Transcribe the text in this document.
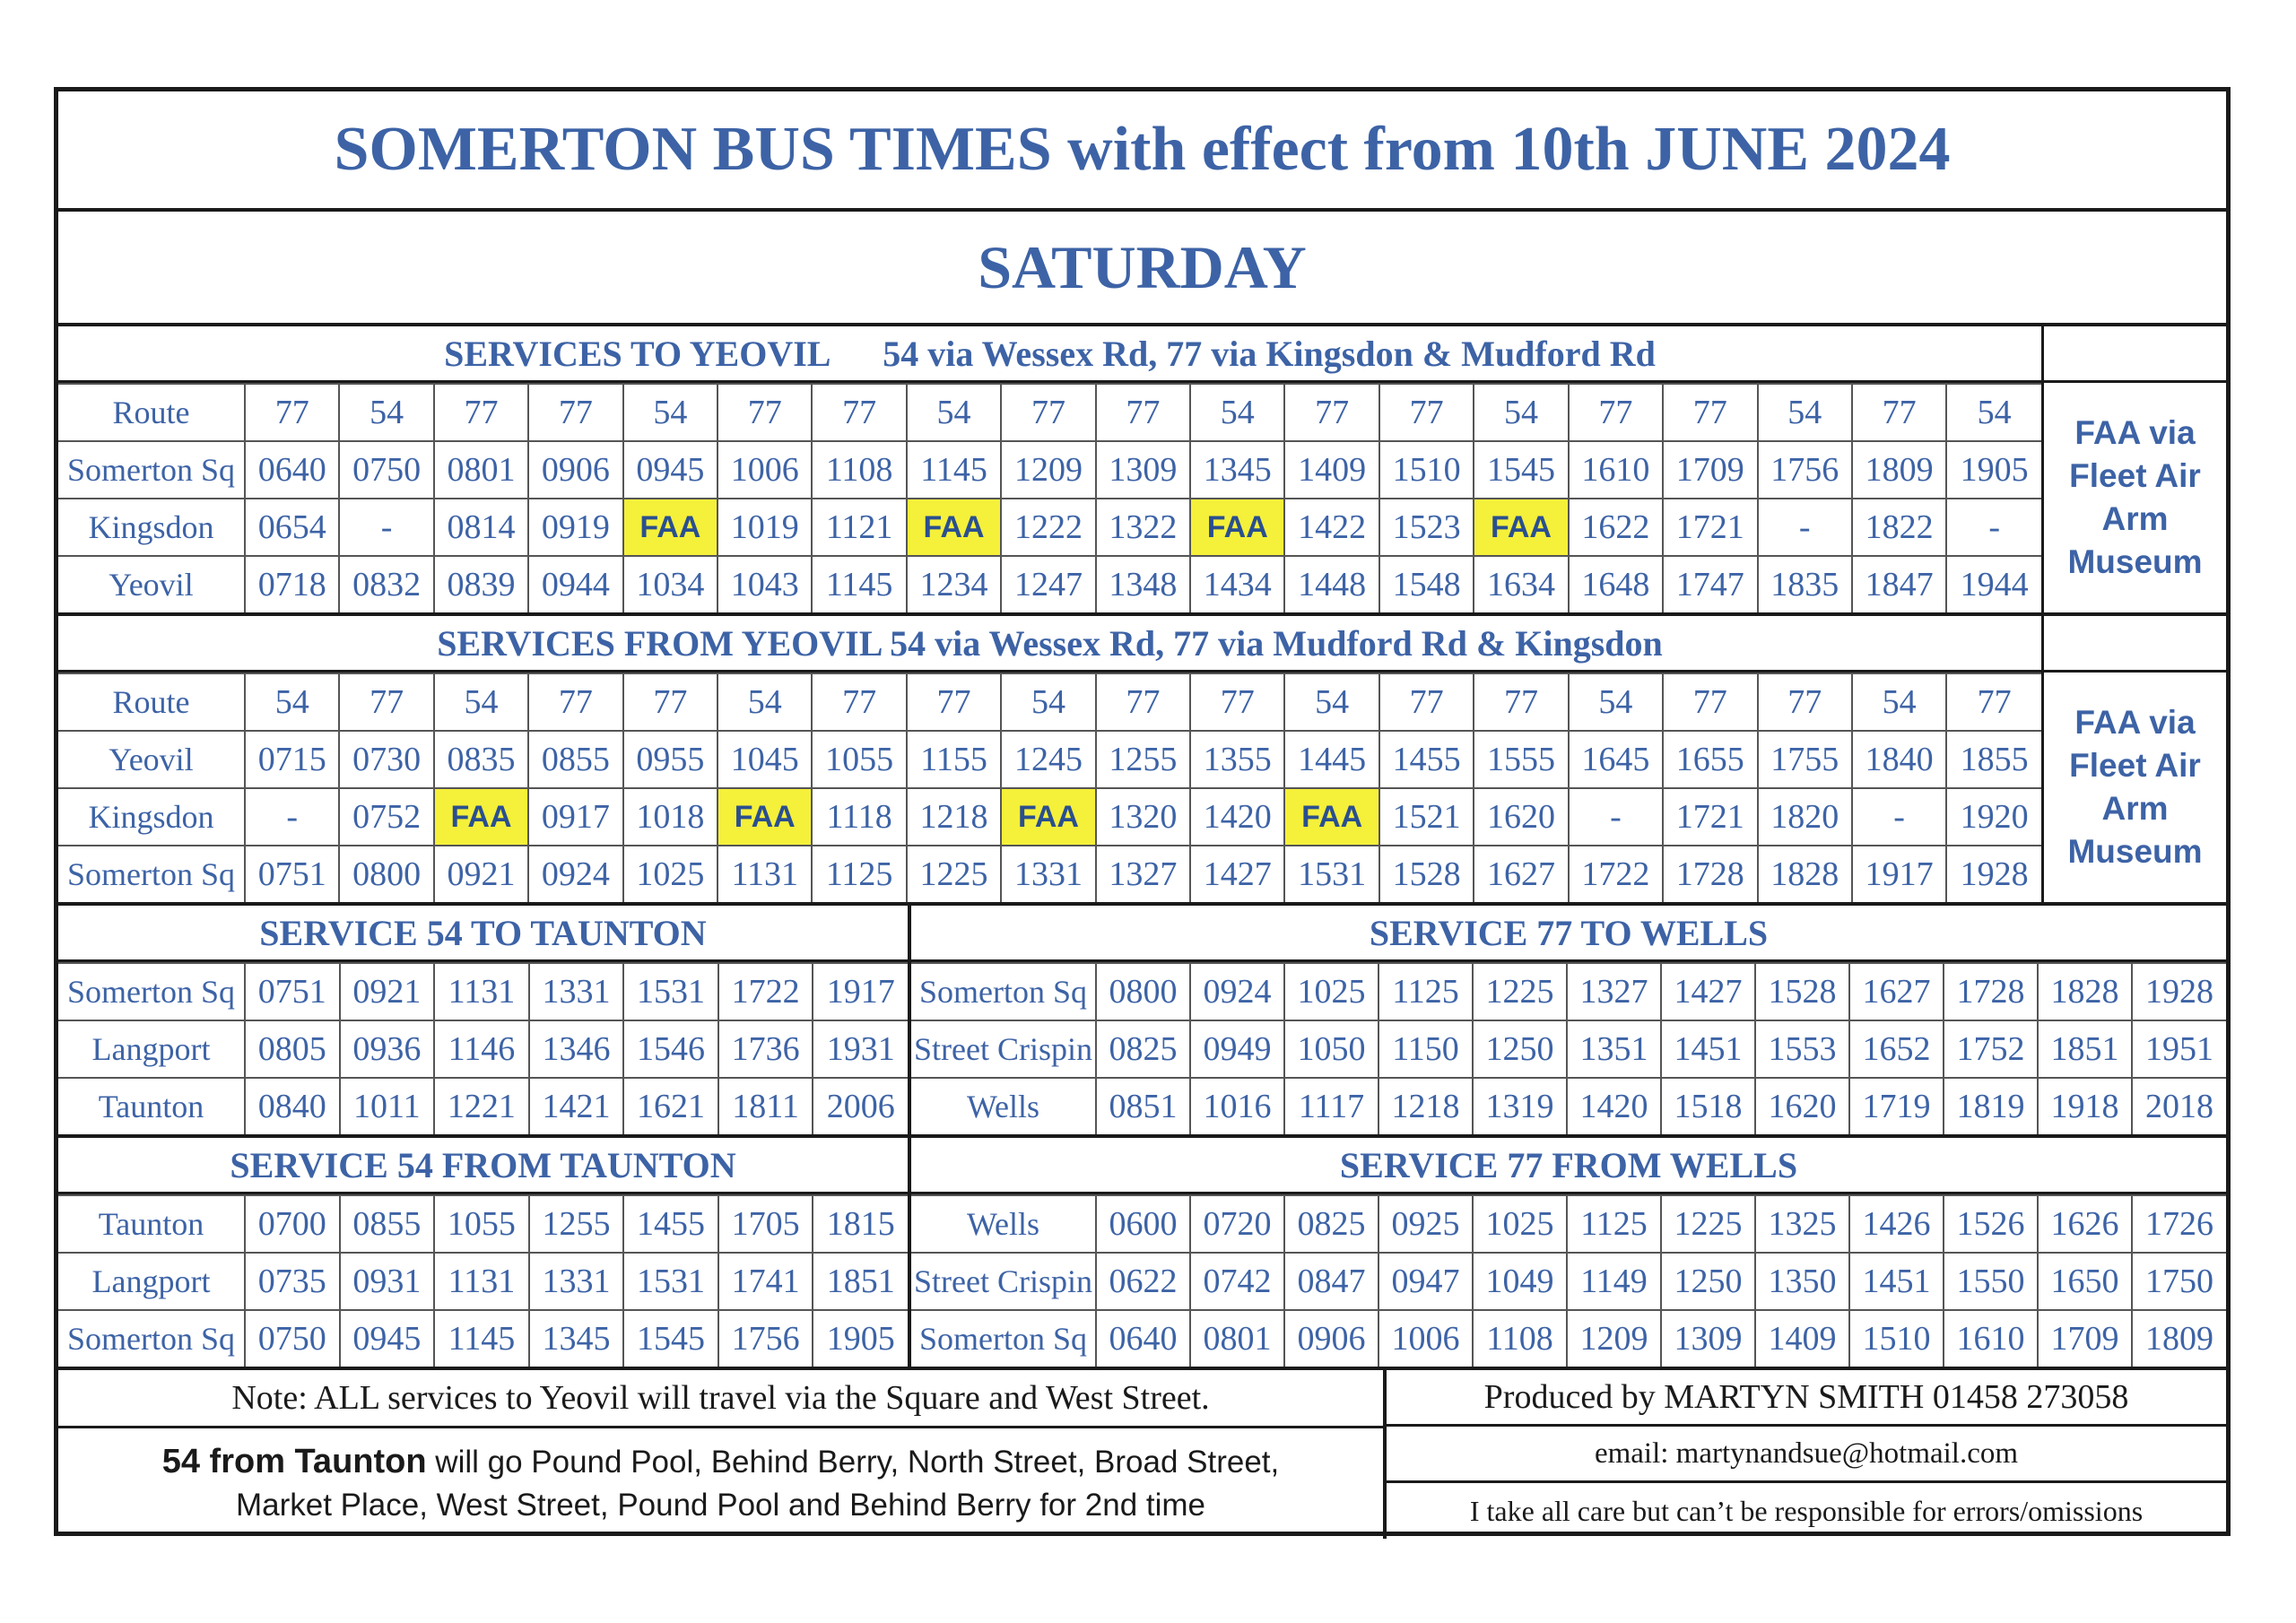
SOMERTON BUS TIMES with effect from 10th JUNE 2024
SATURDAY
SERVICES TO YEOVIL      54 via Wessex Rd, 77 via Kingsdon & Mudford Rd
Route	77	54	77	77	54	77	77	54	77	77	54	77	77	54	77	77	54	77	54
Somerton Sq	0640	0750	0801	0906	0945	1006	1108	1145	1209	1309	1345	1409	1510	1545	1610	1709	1756	1809	1905
Kingsdon	0654	-	0814	0919	FAA	1019	1121	FAA	1222	1322	FAA	1422	1523	FAA	1622	1721	-	1822	-
Yeovil	0718	0832	0839	0944	1034	1043	1145	1234	1247	1348	1434	1448	1548	1634	1648	1747	1835	1847	1944
FAA via
Fleet Air
Arm
Museum
SERVICES FROM YEOVIL 54 via Wessex Rd, 77 via Mudford Rd & Kingsdon
Route	54	77	54	77	77	54	77	77	54	77	77	54	77	77	54	77	77	54	77
Yeovil	0715	0730	0835	0855	0955	1045	1055	1155	1245	1255	1355	1445	1455	1555	1645	1655	1755	1840	1855
Kingsdon	-	0752	FAA	0917	1018	FAA	1118	1218	FAA	1320	1420	FAA	1521	1620	-	1721	1820	-	1920
Somerton Sq	0751	0800	0921	0924	1025	1131	1125	1225	1331	1327	1427	1531	1528	1627	1722	1728	1828	1917	1928
FAA via
Fleet Air
Arm
Museum
SERVICE 54 TO TAUNTON
Somerton Sq	0751	0921	1131	1331	1531	1722	1917
Langport	0805	0936	1146	1346	1546	1736	1931
Taunton	0840	1011	1221	1421	1621	1811	2006
SERVICE 77 TO WELLS
Somerton Sq	0800	0924	1025	1125	1225	1327	1427	1528	1627	1728	1828	1928
Street Crispin	0825	0949	1050	1150	1250	1351	1451	1553	1652	1752	1851	1951
Wells	0851	1016	1117	1218	1319	1420	1518	1620	1719	1819	1918	2018
SERVICE 54 FROM TAUNTON
Taunton	0700	0855	1055	1255	1455	1705	1815
Langport	0735	0931	1131	1331	1531	1741	1851
Somerton Sq	0750	0945	1145	1345	1545	1756	1905
SERVICE 77 FROM WELLS
Wells	0600	0720	0825	0925	1025	1125	1225	1325	1426	1526	1626	1726
Street Crispin	0622	0742	0847	0947	1049	1149	1250	1350	1451	1550	1650	1750
Somerton Sq	0640	0801	0906	1006	1108	1209	1309	1409	1510	1610	1709	1809
Note: ALL services to Yeovil will travel via the Square and West Street.
54 from Taunton will go Pound Pool, Behind Berry, North Street, Broad Street,
Market Place, West Street, Pound Pool and Behind Berry for 2nd time
Produced by MARTYN SMITH 01458 273058
email: martynandsue@hotmail.com
I take all care but can’t be responsible for errors/omissions
